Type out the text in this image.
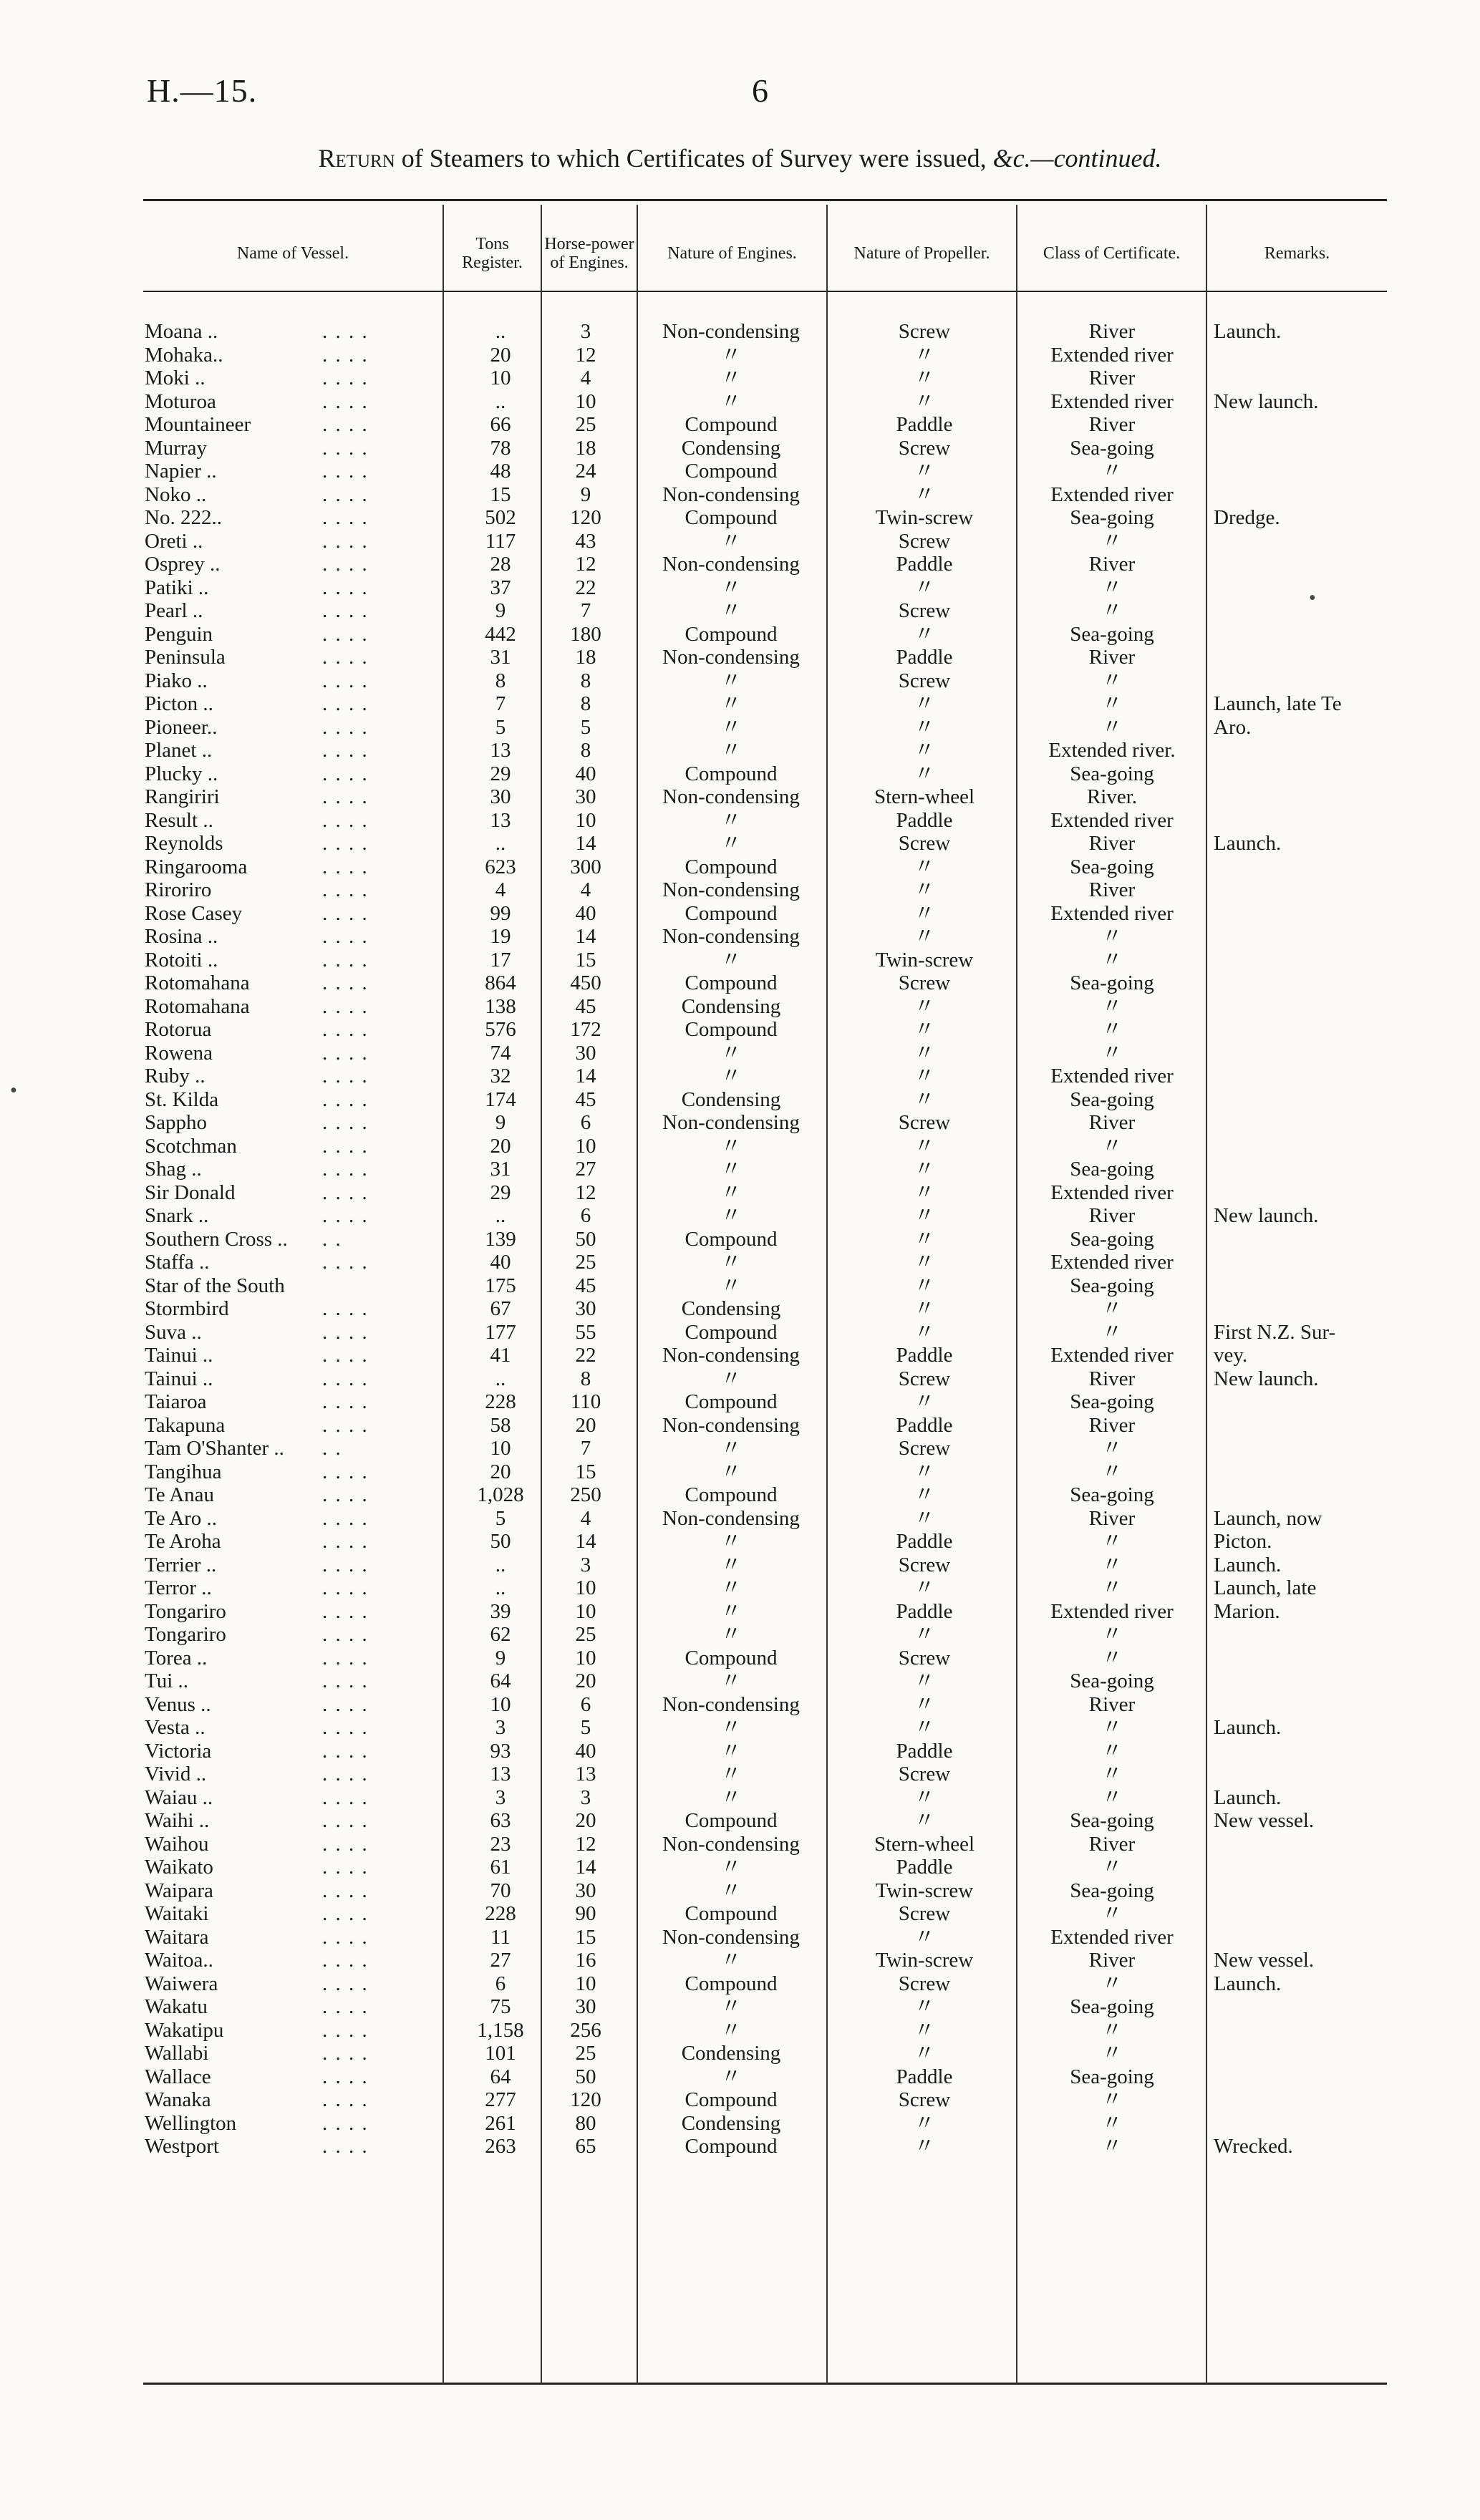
H.—15.	6
Return of Steamers to which Certificates of Survey were issued, &c.—continued.
Name of Vessel.	Tons Register.
Horse-power of Engines.	Nature of Engines.	Nature of Propeller.	Class of Certificate.	Remarks.
Moana ..	. . . .	..	3	Non-condensing	Screw	River	Launch.
Mohaka..	. . . .	20	12	〃	〃	Extended river
Moki ..	. . . .	10	4	〃	〃	River
Moturoa	. . . .	..	10	〃	〃	Extended river	New launch.
Mountaineer	. . . .	66	25	Compound	Paddle	River
Murray	. . . .	78	18	Condensing	Screw	Sea-going
Napier ..	. . . .	48	24	Compound	〃	〃
Noko ..	. . . .	15	9	Non-condensing	〃	Extended river
No. 222..	. . . .	502	120	Compound	Twin-screw	Sea-going	Dredge.
Oreti ..	. . . .	117	43	〃	Screw	〃
Osprey ..	. . . .	28	12	Non-condensing	Paddle	River
Patiki ..	. . . .	37	22	〃	〃	〃
Pearl ..	. . . .	9	7	〃	Screw	〃
Penguin	. . . .	442	180	Compound	〃	Sea-going
Peninsula	. . . .	31	18	Non-condensing	Paddle	River
Piako ..	. . . .	8	8	〃	Screw	〃
Picton ..	. . . .	7	8	〃	〃	〃	Launch, late Te
Pioneer..	. . . .	5	5	〃	〃	〃	Aro.
Planet ..	. . . .	13	8	〃	〃	Extended river.
Plucky ..	. . . .	29	40	Compound	〃	Sea-going
Rangiriri	. . . .	30	30	Non-condensing	Stern-wheel	River.
Result ..	. . . .	13	10	〃	Paddle	Extended river
Reynolds	. . . .	..	14	〃	Screw	River	Launch.
Ringarooma	. . . .	623	300	Compound	〃	Sea-going
Riroriro	. . . .	4	4	Non-condensing	〃	River
Rose Casey	. . . .	99	40	Compound	〃	Extended river
Rosina ..	. . . .	19	14	Non-condensing	〃	〃
Rotoiti ..	. . . .	17	15	〃	Twin-screw	〃
Rotomahana	. . . .	864	450	Compound	Screw	Sea-going
Rotomahana	. . . .	138	45	Condensing	〃	〃
Rotorua	. . . .	576	172	Compound	〃	〃
Rowena	. . . .	74	30	〃	〃	〃
Ruby ..	. . . .	32	14	〃	〃	Extended river
St. Kilda	. . . .	174	45	Condensing	〃	Sea-going
Sappho	. . . .	9	6	Non-condensing	Screw	River
Scotchman	. . . .	20	10	〃	〃	〃
Shag ..	. . . .	31	27	〃	〃	Sea-going
Sir Donald	. . . .	29	12	〃	〃	Extended river
Snark ..	. . . .	..	6	〃	〃	River	New launch.
Southern Cross .. . .	139	50	Compound	〃	Sea-going
Staffa ..	. . . .	40	25	〃	〃	Extended river
Star of the South	175	45	〃	〃	Sea-going
Stormbird	. . . .	67	30	Condensing	〃	〃
Suva ..	. . . .	177	55	Compound	〃	〃	First N.Z. Sur-
Tainui ..	. . . .	41	22	Non-condensing	Paddle	Extended river	vey.
Tainui ..	. . . .	..	8	〃	Screw	River	New launch.
Taiaroa	. . . .	228	110	Compound	〃	Sea-going
Takapuna	. . . .	58	20	Non-condensing	Paddle	River
Tam O'Shanter .. . .	10	7	〃	Screw	〃
Tangihua	. . . .	20	15	〃	〃	〃
Te Anau	. . . .	1,028	250	Compound	〃	Sea-going
Te Aro ..	. . . .	5	4	Non-condensing	〃	River	Launch, now
Te Aroha	. . . .	50	14	〃	Paddle	〃	Picton.
Terrier ..	. . . .	..	3	〃	Screw	〃	Launch.
Terror ..	. . . .	..	10	〃	〃	〃	Launch, late
Tongariro	. . . .	39	10	〃	Paddle	Extended river	Marion.
Tongariro	. . . .	62	25	〃	〃	〃
Torea ..	. . . .	9	10	Compound	Screw	〃
Tui ..	. . . .	64	20	〃	〃	Sea-going
Venus ..	. . . .	10	6	Non-condensing	〃	River
Vesta ..	. . . .	3	5	〃	〃	〃	Launch.
Victoria	. . . .	93	40	〃	Paddle	〃
Vivid ..	. . . .	13	13	〃	Screw	〃
Waiau ..	. . . .	3	3	〃	〃	〃	Launch.
Waihi ..	. . . .	63	20	Compound	〃	Sea-going	New vessel.
Waihou	. . . .	23	12	Non-condensing	Stern-wheel	River
Waikato	. . . .	61	14	〃	Paddle	〃
Waipara	. . . .	70	30	〃	Twin-screw	Sea-going
Waitaki	. . . .	228	90	Compound	Screw	〃
Waitara	. . . .	11	15	Non-condensing	〃	Extended river
Waitoa..	. . . .	27	16	〃	Twin-screw	River	New vessel.
Waiwera	. . . .	6	10	Compound	Screw	〃	Launch.
Wakatu	. . . .	75	30	〃	〃	Sea-going
Wakatipu	. . . .	1,158	256	〃	〃	〃
Wallabi	. . . .	101	25	Condensing	〃	〃
Wallace	. . . .	64	50	〃	Paddle	Sea-going
Wanaka	. . . .	277	120	Compound	Screw	〃
Wellington	. . . .	261	80	Condensing	〃	〃
Westport	. . . .	263	65	Compound	〃	〃	Wrecked.
•
•
